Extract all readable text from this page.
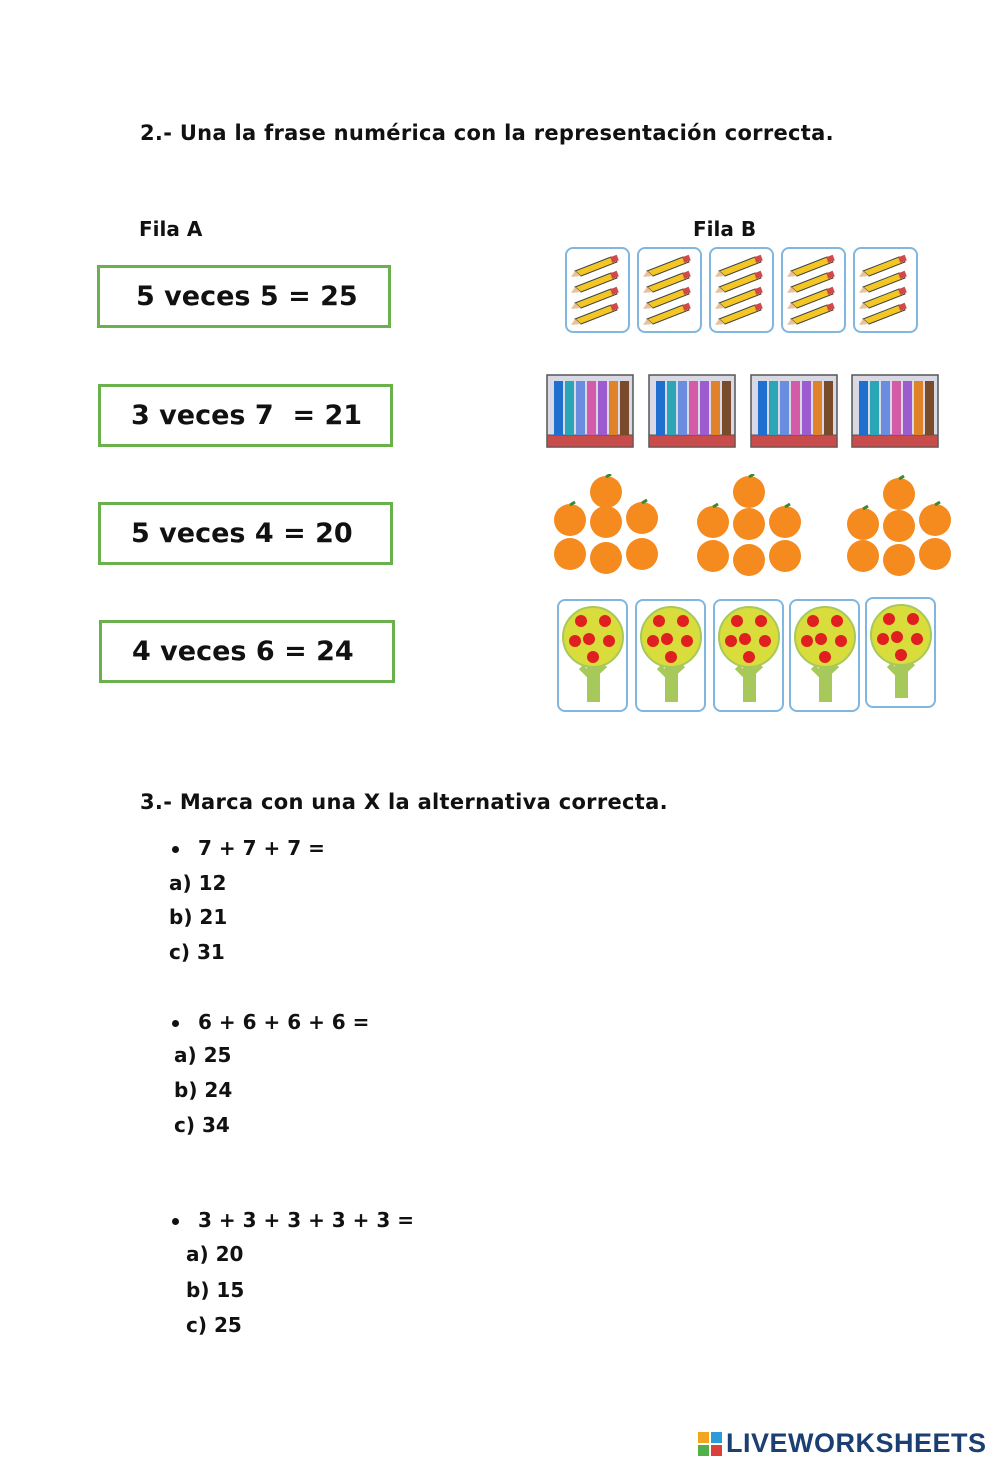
2.- Una la frase numérica con la representación correcta.
Fila A	Fila B
5 veces 5 = 25
3 veces 7  = 21
5 veces 4 = 20
4 veces 6 = 24
3.- Marca con una X la alternativa correcta.
7 + 7 + 7 =
a) 12
b) 21
c) 31
6 + 6 + 6 + 6 =
a) 25
b) 24
c) 34
3 + 3 + 3 + 3 + 3 =
a) 20
b) 15
c) 25
LIVEWORKSHEETS
